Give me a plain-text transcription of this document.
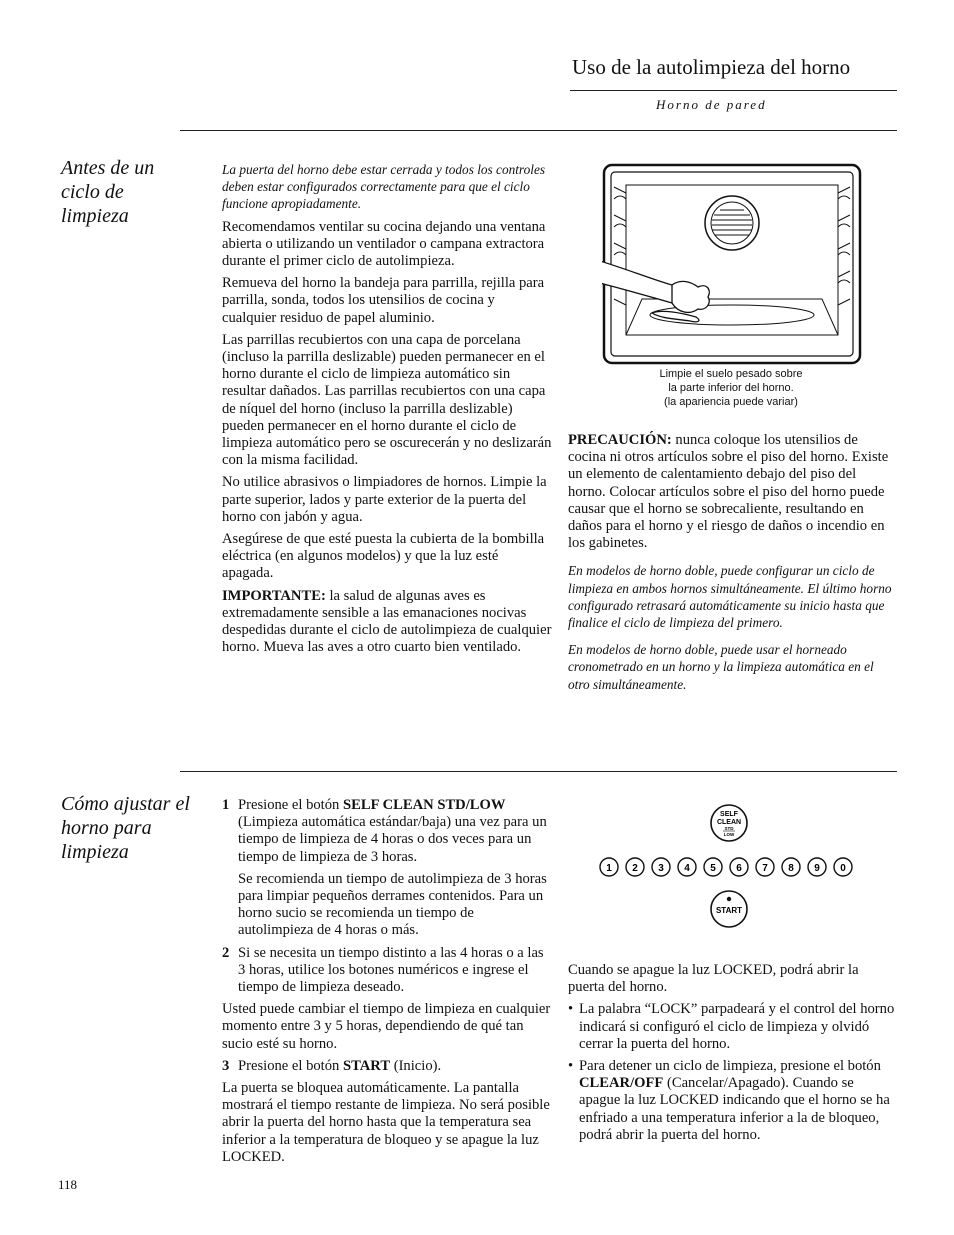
Uso de la autolimpieza del horno
Horno de pared
Antes de un ciclo de limpieza

La puerta del horno debe estar cerrada y todos los controles deben estar configurados correctamente para que el ciclo funcione apropiadamente.

Recomendamos ventilar su cocina dejando una ventana abierta o utilizando un ventilador o campana extractora durante el primer ciclo de autolimpieza.

Remueva del horno la bandeja para parrilla, rejilla para parrilla, sonda, todos los utensilios de cocina y cualquier residuo de papel aluminio.

Las parrillas recubiertos con una capa de porcelana (incluso la parrilla deslizable) pueden permanecer en el horno durante el ciclo de limpieza automático sin resultar dañados. Las parrillas recubiertos con una capa de níquel del horno (incluso la parrilla deslizable) pueden permanecer en el horno durante el ciclo de limpieza automático pero se oscurecerán y no deslizarán con la misma facilidad.

No utilice abrasivos o limpiadores de hornos. Limpie la parte superior, lados y parte exterior de la puerta del horno con jabón y agua.

Asegúrese de que esté puesta la cubierta de la bombilla eléctrica (en algunos modelos) y que la luz esté apagada.

IMPORTANTE: la salud de algunas aves es extremadamente sensible a las emanaciones nocivas despedidas durante el ciclo de autolimpieza de cualquier horno. Mueva las aves a otro cuarto bien ventilado.

Limpie el suelo pesado sobre
la parte inferior del horno.
(la apariencia puede variar)

PRECAUCIÓN: nunca coloque los utensilios de cocina ni otros artículos sobre el piso del horno. Existe un elemento de calentamiento debajo del piso del horno. Colocar artículos sobre el piso del horno puede causar que el horno se sobrecaliente, resultando en daños para el horno y el riesgo de daños o incendio en los gabinetes.

En modelos de horno doble, puede configurar un ciclo de limpieza en ambos hornos simultáneamente. El último horno configurado retrasará automáticamente su inicio hasta que finalice el ciclo de limpieza del primero.

En modelos de horno doble, puede usar el horneado cronometrado en un horno y la limpieza automática en el otro simultáneamente.

Cómo ajustar el horno para limpieza
1 Presione el botón SELF CLEAN STD/LOW (Limpieza automática estándar/baja) una vez para un tiempo de limpieza de 4 horas o dos veces para un tiempo de limpieza de 3 horas.
Se recomienda un tiempo de autolimpieza de 3 horas para limpiar pequeños derrames contenidos. Para un horno sucio se recomienda un tiempo de autolimpieza de 4 horas o más.
2 Si se necesita un tiempo distinto a las 4 horas o a las 3 horas, utilice los botones numéricos e ingrese el tiempo de limpieza deseado.

Usted puede cambiar el tiempo de limpieza en cualquier momento entre 3 y 5 horas, dependiendo de qué tan sucio esté su horno.

3 Presione el botón START (Inicio).

La puerta se bloquea automáticamente. La pantalla mostrará el tiempo restante de limpieza. No será posible abrir la puerta del horno hasta que la temperatura sea inferior a la temperatura de bloqueo y se apague la luz LOCKED.

SELF
CLEAN
STD
LOW
1 2 3 4 5 6 7 8 9 0
START

Cuando se apague la luz LOCKED, podrá abrir la puerta del horno.

• La palabra “LOCK” parpadeará y el control del horno indicará si configuró el ciclo de limpieza y olvidó cerrar la puerta del horno.
• Para detener un ciclo de limpieza, presione el botón CLEAR/OFF (Cancelar/Apagado). Cuando se apague la luz LOCKED indicando que el horno se ha enfriado a una temperatura inferior a la de bloqueo, podrá abrir la puerta del horno.
118
